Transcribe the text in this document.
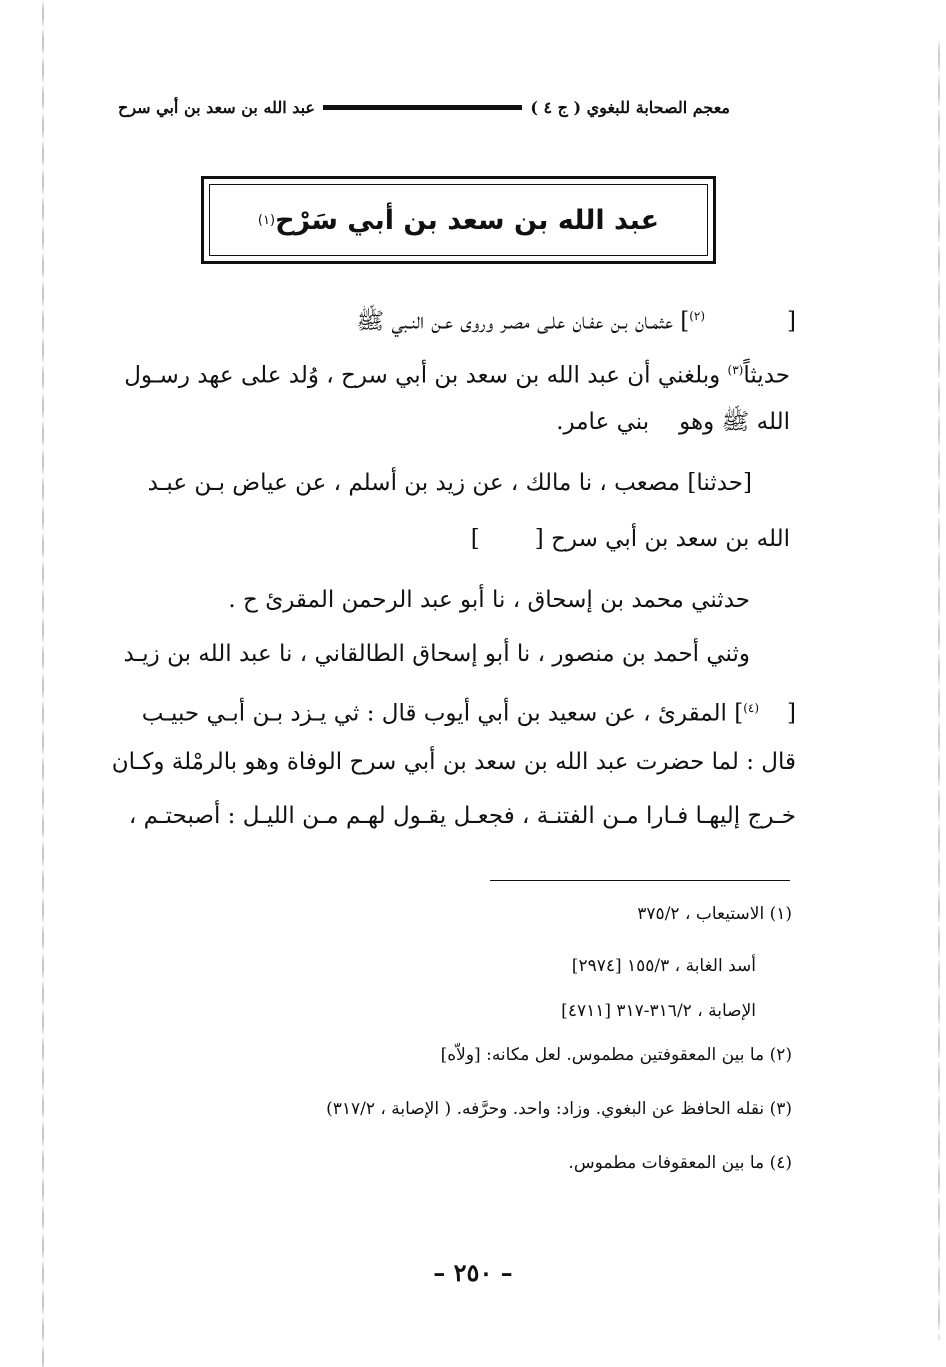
معجم الصحابة للبغوي ( ج ٤ )
عبد الله بن سعد بن أبي سرح
عبد الله بن سعد بن أبي سَرْح
(١)
[$^{(٢)}$] عثمـان بـن عفـان علـى مصـر وروى عـن النـبي ﷺ
حديثاً$^{(٣)}$ وبلغني أن عبد الله بن سعد بن أبي سرح ، وُلد على عهد رسـول
الله ﷺ وهوبني عامر.
[حدثنا] مصعب ، نا مالك ، عن زيد بن أسلم ، عن عياض بـن عبـد
الله بن سعد بن أبي سرح []
حدثني محمد بن إسحاق ، نا أبو عبد الرحمن المقرئ ح .
وثني أحمد بن منصور ، نا أبو إسحاق الطالقاني ، نا عبد الله بن زيـد
[$^{(٤)}$] المقرئ ، عن سعيد بن أبي أيوب قال : ثي يـزد بـن أبـي حبيـب
قال : لما حضرت عبد الله بن سعد بن أبي سرح الوفاة وهو بالرمْلة وكـان
خـرج إليهـا فـارا مـن الفتنـة ، فجعـل يقـول لهـم مـن الليـل : أصبحتـم ،
(١) الاستيعاب ، ٣٧٥/٢
أسد الغابة ، ١٥٥/٣ [٢٩٧٤]
الإصابة ، ٣١٦/٢-٣١٧ [٤٧١١]
(٢) ما بين المعقوفتين مطموس. لعل مكانه: [ولاّه]
(٣) نقله الحافظ عن البغوي. وزاد: واحد. وحرَّفه. ( الإصابة ، ٣١٧/٢)
(٤) ما بين المعقوفات مطموس.
– ٢٥٠ –
